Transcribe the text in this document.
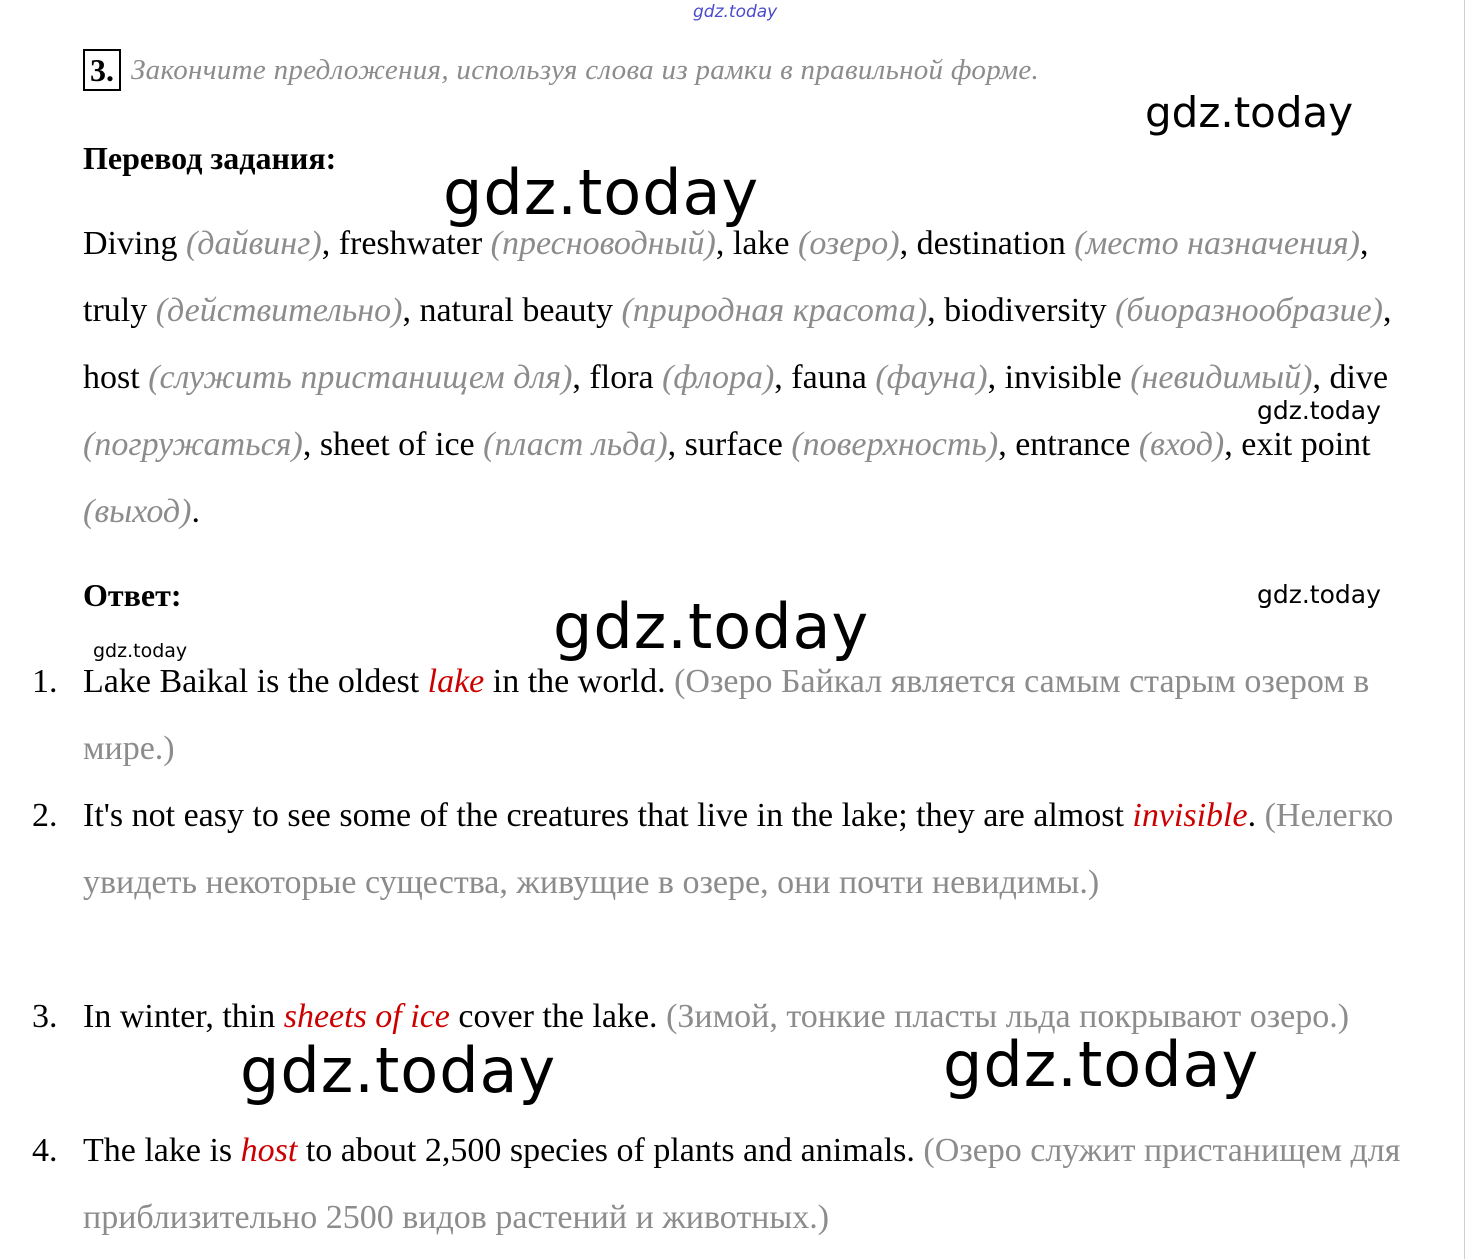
gdz.today
3. Закончите предложения, используя слова из рамки в правильной форме.
Перевод задания:
Diving (дайвинг), freshwater (пресноводный), lake (озеро), destination (место назначения), truly (действительно), natural beauty (природная красота), biodiversity (биоразнообразие), host (служить пристанищем для), flora (флора), fauna (фауна), invisible (невидимый), dive (погружаться), sheet of ice (пласт льда), surface (поверхность), entrance (вход), exit point (выход).
Ответ:
1. Lake Baikal is the oldest lake in the world. (Озеро Байкал является самым старым озером в мире.)
2. It's not easy to see some of the creatures that live in the lake; they are almost invisible. (Нелегко увидеть некоторые существа, живущие в озере, они почти невидимы.)
3. In winter, thin sheets of ice cover the lake. (Зимой, тонкие пласты льда покрывают озеро.)
4. The lake is host to about 2,500 species of plants and animals. (Озеро служит пристанищем для приблизительно 2500 видов растений и животных.)
gdz.today
gdz.today
gdz.today
gdz.today
gdz.today
gdz.today
gdz.today	gdz.today
